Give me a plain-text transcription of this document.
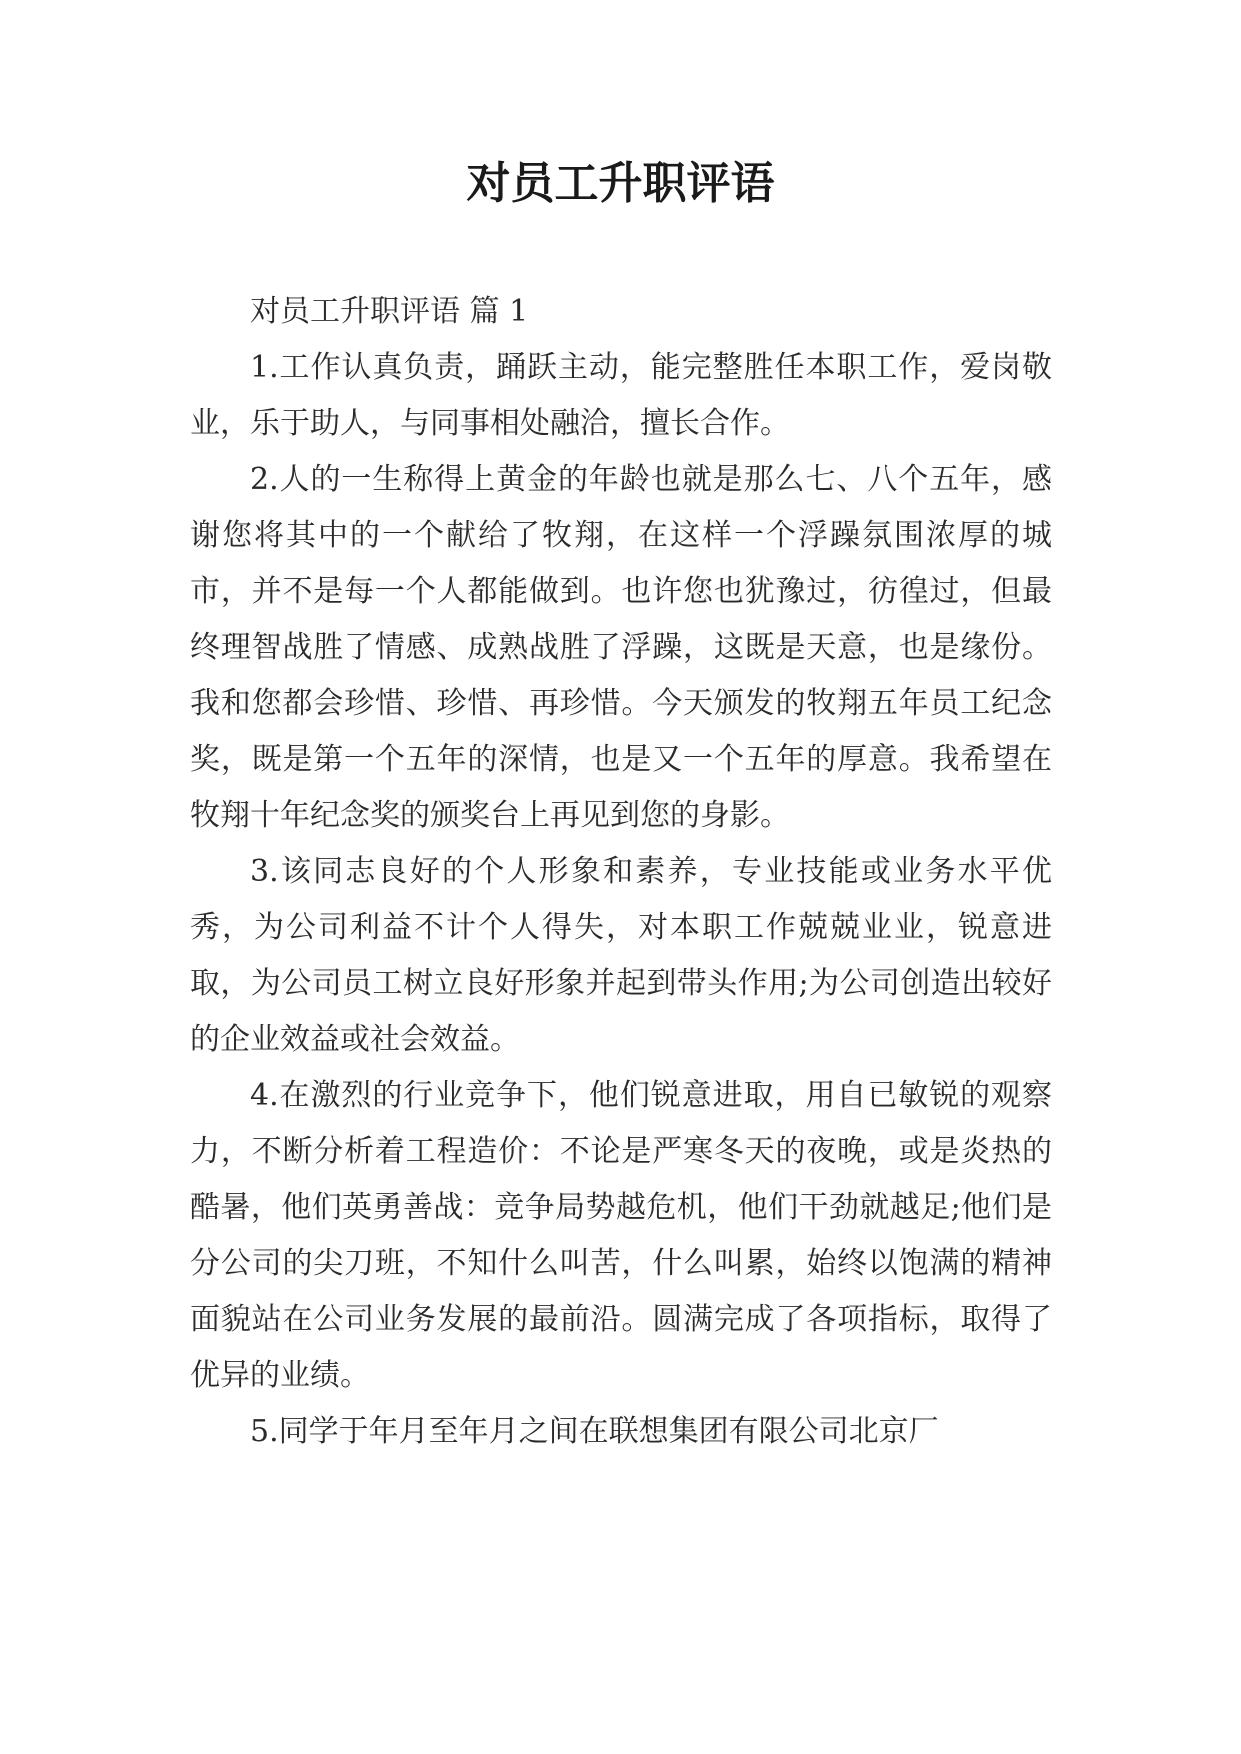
对员工升职评语

对员工升职评语 篇 1

1.工作认真负责，踊跃主动，能完整胜任本职工作，爱岗敬业，乐于助人，与同事相处融洽，擅长合作。

2.人的一生称得上黄金的年龄也就是那么七、八个五年，感谢您将其中的一个献给了牧翔，在这样一个浮躁氛围浓厚的城市，并不是每一个人都能做到。也许您也犹豫过，彷徨过，但最终理智战胜了情感、成熟战胜了浮躁，这既是天意，也是缘份。我和您都会珍惜、珍惜、再珍惜。今天颁发的牧翔五年员工纪念奖，既是第一个五年的深情，也是又一个五年的厚意。我希望在牧翔十年纪念奖的颁奖台上再见到您的身影。

3.该同志良好的个人形象和素养，专业技能或业务水平优秀，为公司利益不计个人得失，对本职工作兢兢业业，锐意进取，为公司员工树立良好形象并起到带头作用;为公司创造出较好的企业效益或社会效益。

4.在激烈的行业竞争下，他们锐意进取，用自已敏锐的观察力，不断分析着工程造价：不论是严寒冬天的夜晚，或是炎热的酷暑，他们英勇善战：竞争局势越危机，他们干劲就越足;他们是分公司的尖刀班，不知什么叫苦，什么叫累，始终以饱满的精神面貌站在公司业务发展的最前沿。圆满完成了各项指标，取得了优异的业绩。

5.同学于年月至年月之间在联想集团有限公司北京厂
